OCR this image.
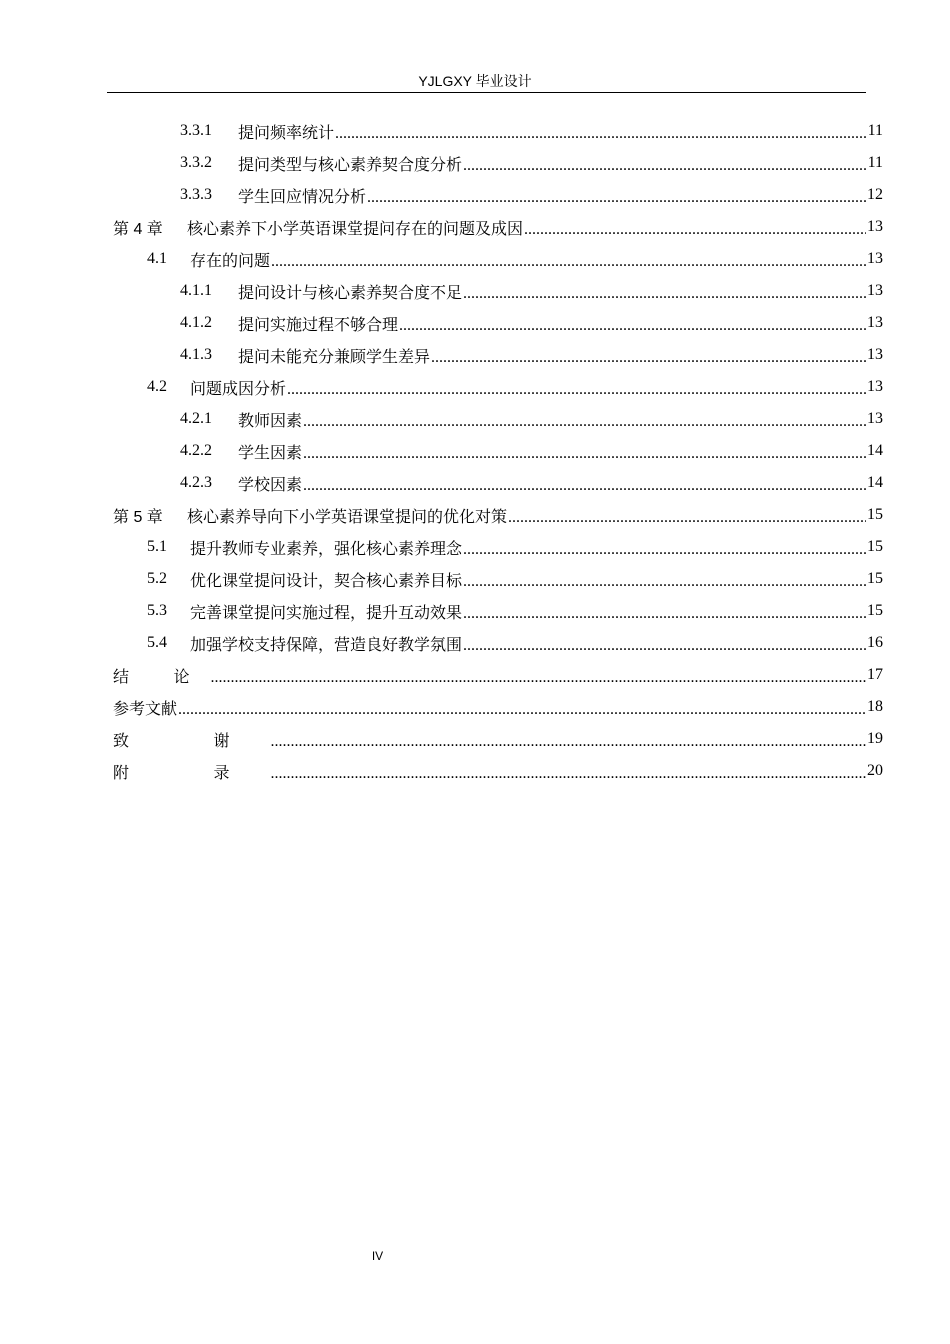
YJLGXY 毕业设计
3.3.1	提问频率统计 .....	11
3.3.2	提问类型与核心素养契合度分析 .....	11
3.3.3	学生回应情况分析 .....	12
第 4 章	核心素养下小学英语课堂提问存在的问题及成因 .....	13
4.1	存在的问题 .....	13
4.1.1	提问设计与核心素养契合度不足 .....	13
4.1.2	提问实施过程不够合理 .....	13
4.1.3	提问未能充分兼顾学生差异 .....	13
4.2	问题成因分析 .....	13
4.2.1	教师因素 .....	13
4.2.2	学生因素 .....	14
4.2.3	学校因素 .....	14
第 5 章	核心素养导向下小学英语课堂提问的优化对策 .....	15
5.1	提升教师专业素养，强化核心素养理念 .....	15
5.2	优化课堂提问设计，契合核心素养目标 .....	15
5.3	完善课堂提问实施过程，提升互动效果 .....	15
5.4	加强学校支持保障，营造良好教学氛围 .....	16
结 论 .....	17
参考文献 .....	18
致 谢 .....	19
附 录 .....	20
IV
